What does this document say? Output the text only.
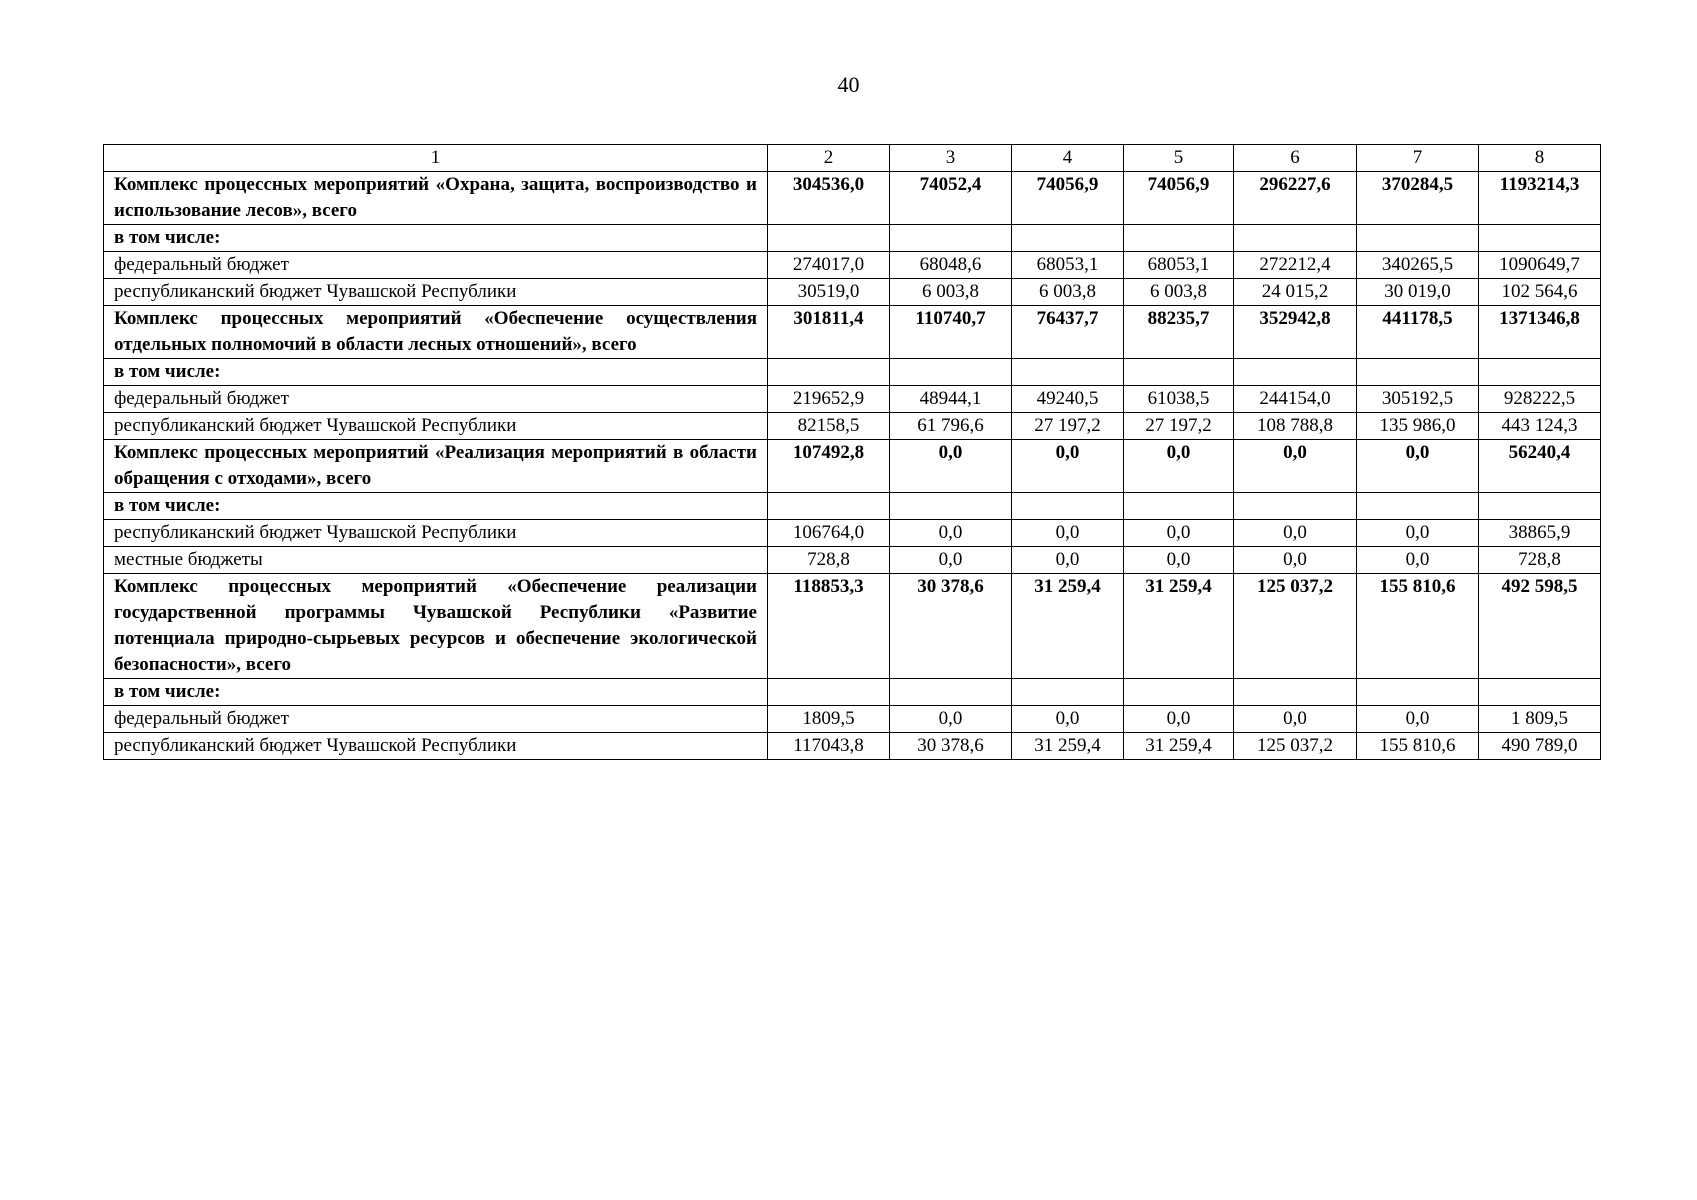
40
1	2	3	4	5	6	7	8
Комплекс процессных мероприятий «Охрана, защита, воспроизводство и использование лесов», всего	304536,0	74052,4	74056,9	74056,9	296227,6	370284,5	1193214,3
в том числе:							
федеральный бюджет	274017,0	68048,6	68053,1	68053,1	272212,4	340265,5	1090649,7
республиканский бюджет Чувашской Республики	30519,0	6 003,8	6 003,8	6 003,8	24 015,2	30 019,0	102 564,6
Комплекс процессных мероприятий «Обеспечение осуществления отдельных полномочий в области лесных отношений», всего	301811,4	110740,7	76437,7	88235,7	352942,8	441178,5	1371346,8
в том числе:							
федеральный бюджет	219652,9	48944,1	49240,5	61038,5	244154,0	305192,5	928222,5
республиканский бюджет Чувашской Республики	82158,5	61 796,6	27 197,2	27 197,2	108 788,8	135 986,0	443 124,3
Комплекс процессных мероприятий «Реализация мероприятий в области обращения с отходами», всего	107492,8	0,0	0,0	0,0	0,0	0,0	56240,4
в том числе:							
республиканский бюджет Чувашской Республики	106764,0	0,0	0,0	0,0	0,0	0,0	38865,9
местные бюджеты	728,8	0,0	0,0	0,0	0,0	0,0	728,8
Комплекс процессных мероприятий «Обеспечение реализации государственной программы Чувашской Республики «Развитие потенциала природно-сырьевых ресурсов и обеспечение экологической безопасности», всего	118853,3	30 378,6	31 259,4	31 259,4	125 037,2	155 810,6	492 598,5
в том числе:							
федеральный бюджет	1809,5	0,0	0,0	0,0	0,0	0,0	1 809,5
республиканский бюджет Чувашской Республики	117043,8	30 378,6	31 259,4	31 259,4	125 037,2	155 810,6	490 789,0
